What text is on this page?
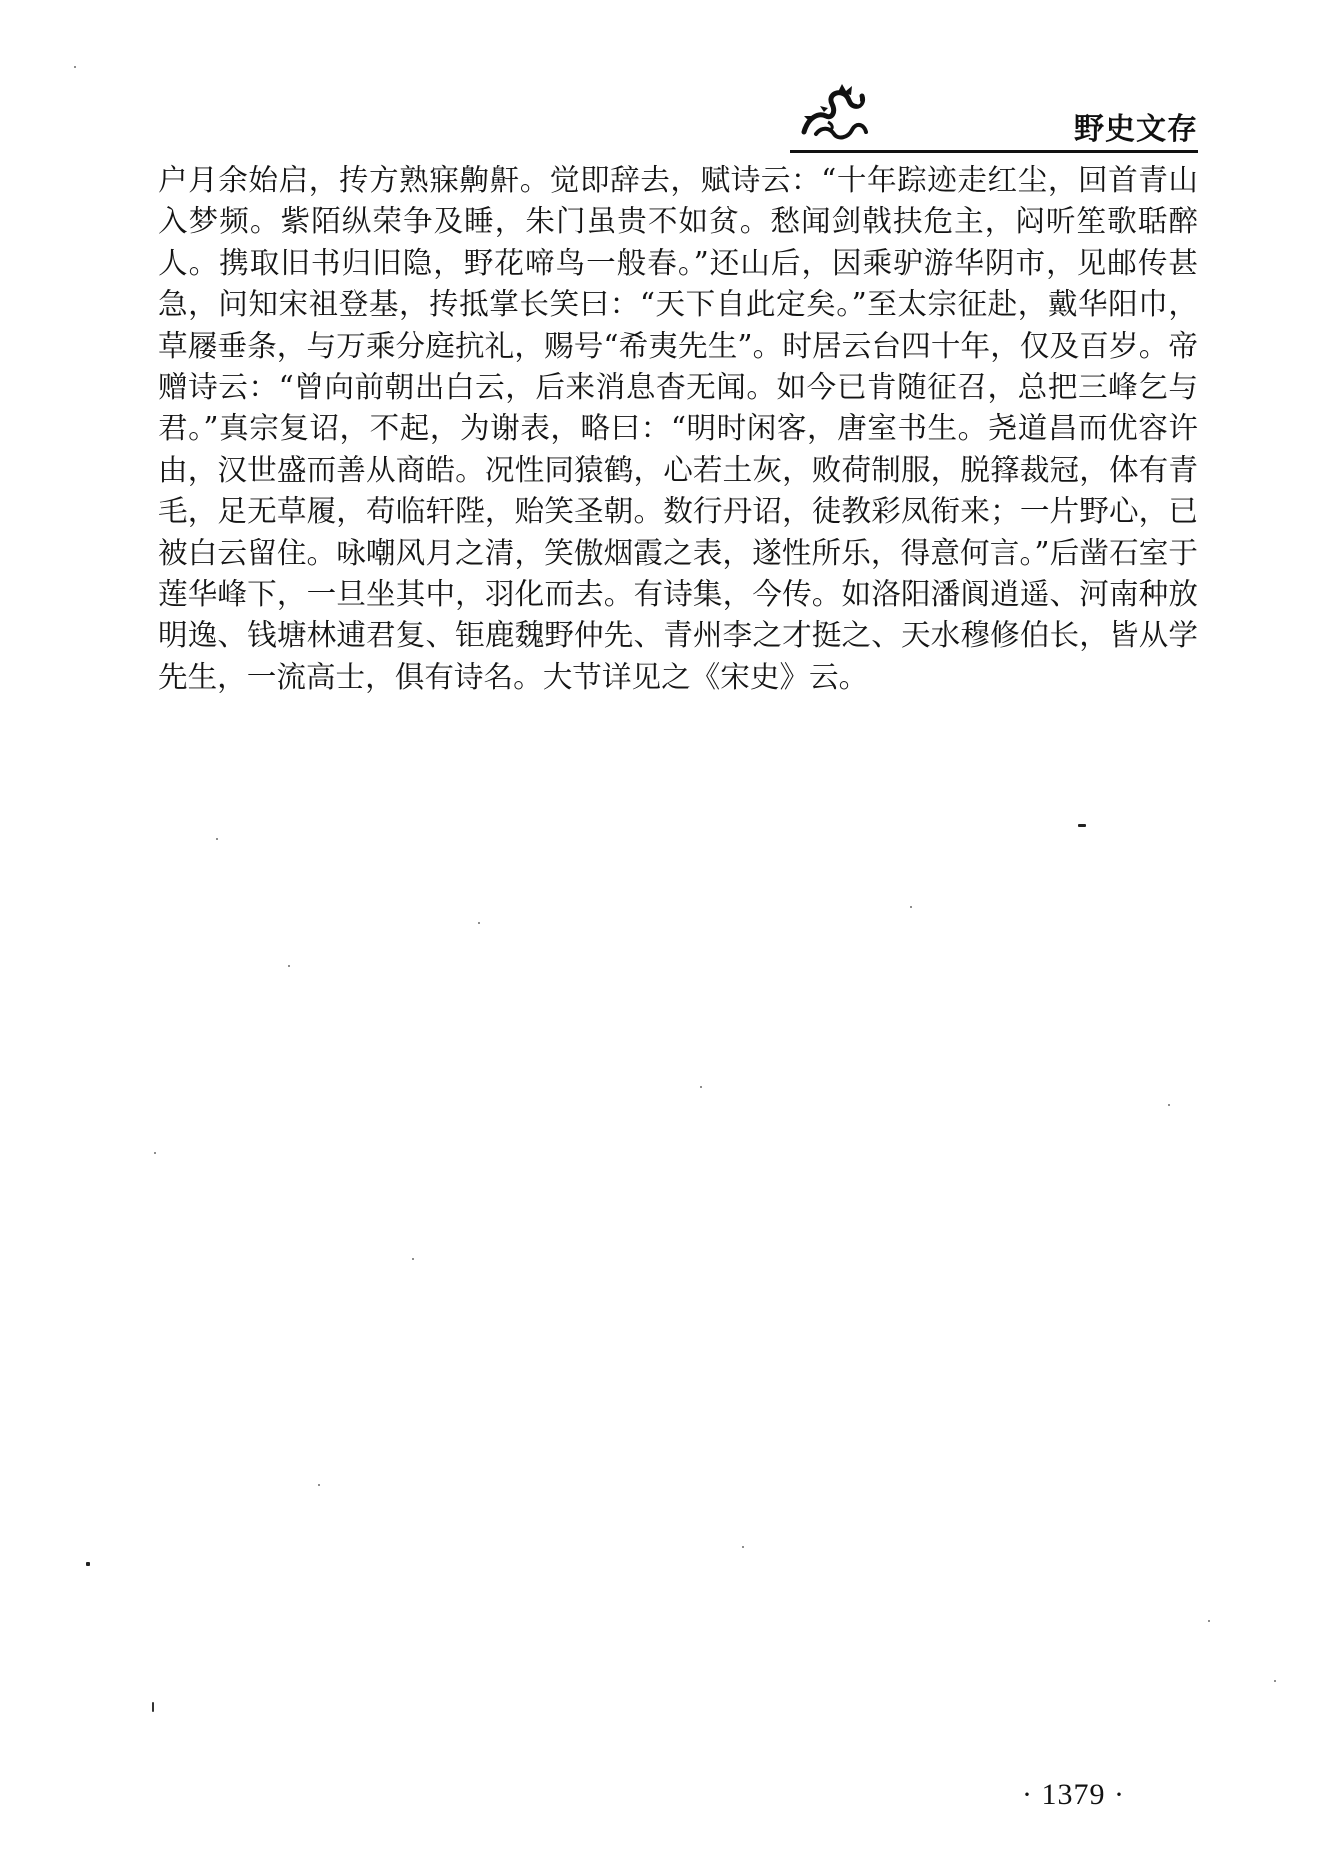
野史文存

户月余始启，抟方熟寐齁鼾。觉即辞去，赋诗云：“十年踪迹走红尘，回首青山入梦频。紫陌纵荣争及睡，朱门虽贵不如贫。愁闻剑戟扶危主，闷听笙歌聒醉人。携取旧书归旧隐，野花啼鸟一般春。”还山后，因乘驴游华阴市，见邮传甚急，问知宋祖登基，抟抵掌长笑曰：“天下自此定矣。”至太宗征赴，戴华阳巾，草屦垂条，与万乘分庭抗礼，赐号“希夷先生”。时居云台四十年，仅及百岁。帝赠诗云：“曾向前朝出白云，后来消息杳无闻。如今已肯随征召，总把三峰乞与君。”真宗复诏，不起，为谢表，略曰：“明时闲客，唐室书生。尧道昌而优容许由，汉世盛而善从商皓。况性同猿鹤，心若土灰，败荷制服，脱箨裁冠，体有青毛，足无草履，苟临轩陛，贻笑圣朝。数行丹诏，徒教彩凤衔来；一片野心，已被白云留住。咏嘲风月之清，笑傲烟霞之表，遂性所乐，得意何言。”后凿石室于莲华峰下，一旦坐其中，羽化而去。有诗集，今传。如洛阳潘阆逍遥、河南种放明逸、钱塘林逋君复、钜鹿魏野仲先、青州李之才挺之、天水穆修伯长，皆从学先生，一流高士，俱有诗名。大节详见之《宋史》云。

· 1379 ·
